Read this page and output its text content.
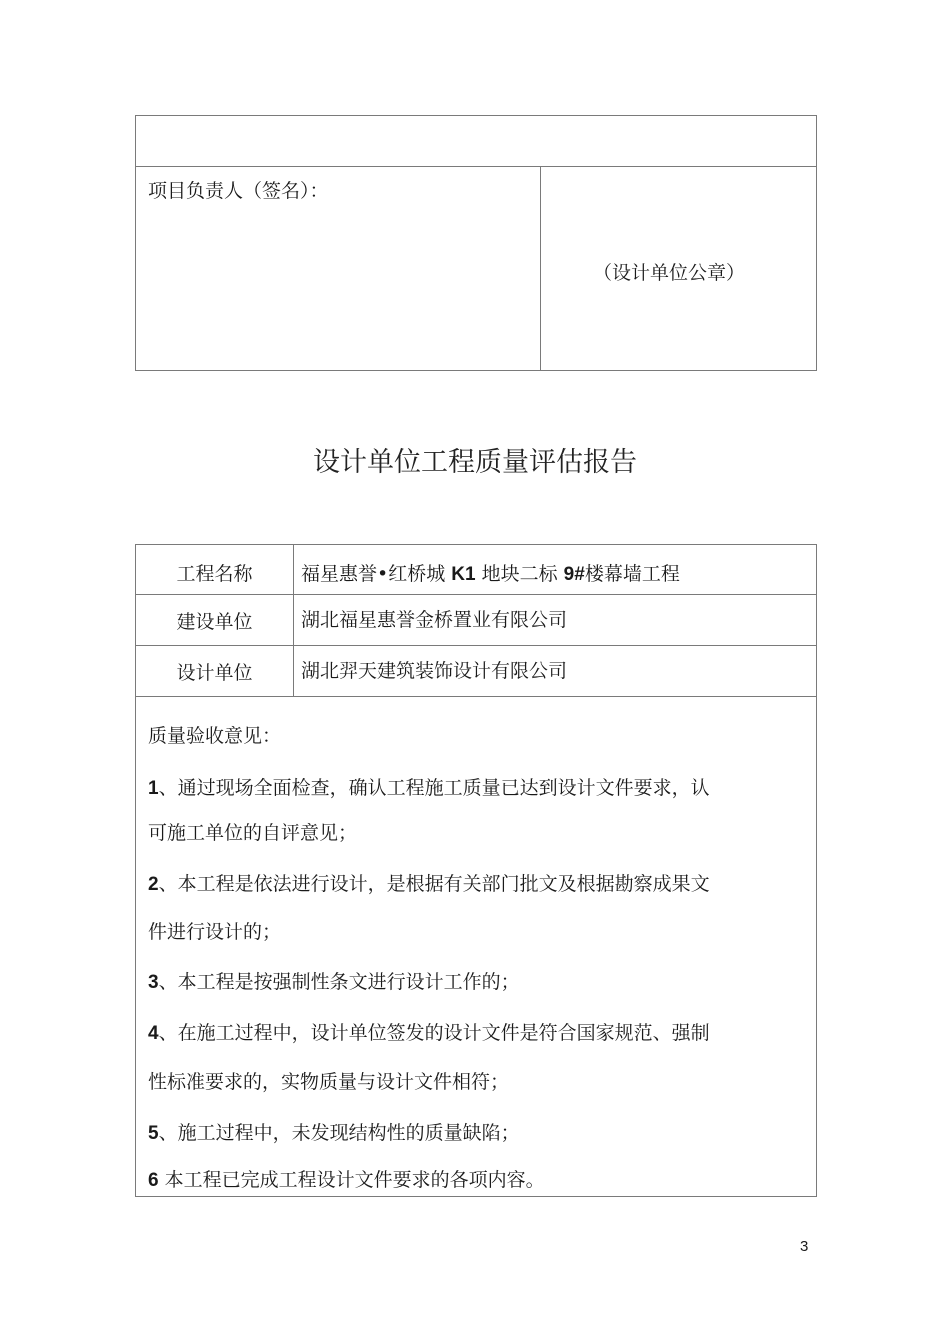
项目负责人（签名）：
（设计单位公章）
设计单位工程质量评估报告
工程名称	福星惠誉•红桥城 K1 地块二标 9#楼幕墙工程
建设单位	湖北福星惠誉金桥置业有限公司
设计单位	湖北羿天建筑装饰设计有限公司
质量验收意见：
1、通过现场全面检查，确认工程施工质量已达到设计文件要求，认
可施工单位的自评意见；
2、本工程是依法进行设计，是根据有关部门批文及根据勘察成果文
件进行设计的；
3、本工程是按强制性条文进行设计工作的；
4、在施工过程中，设计单位签发的设计文件是符合国家规范、强制
性标准要求的，实物质量与设计文件相符；
5、施工过程中，未发现结构性的质量缺陷；
6 本工程已完成工程设计文件要求的各项内容。
3
